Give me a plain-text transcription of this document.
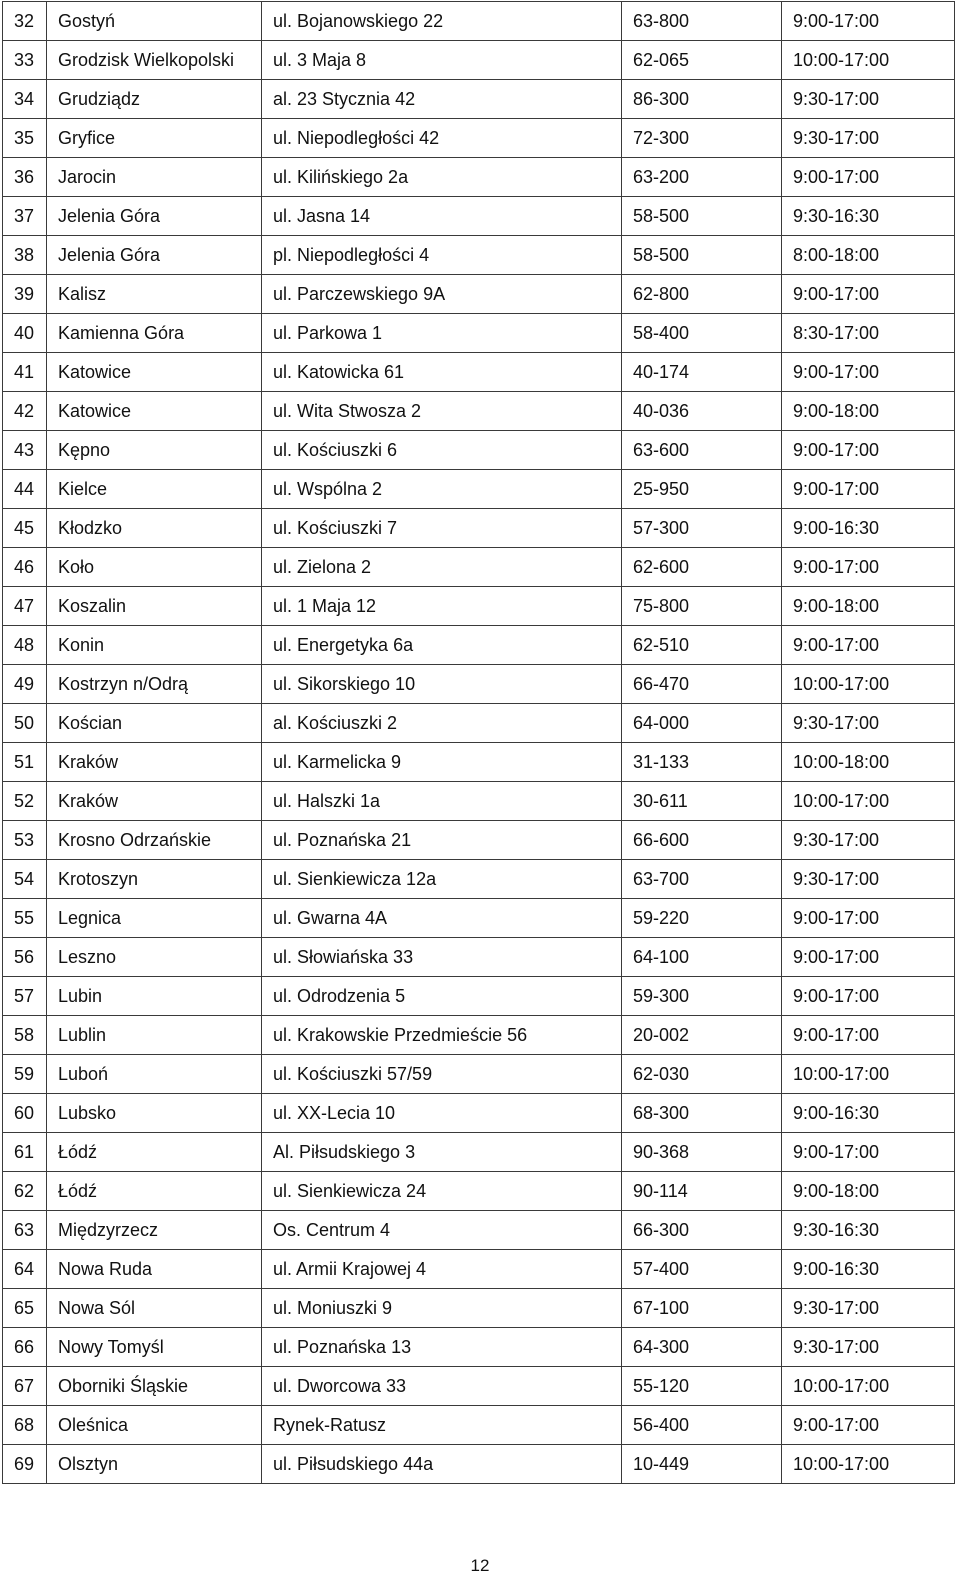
32	Gostyń	ul. Bojanowskiego 22	63-800	9:00-17:00
33	Grodzisk Wielkopolski	ul. 3 Maja 8	62-065	10:00-17:00
34	Grudziądz	al. 23 Stycznia 42	86-300	9:30-17:00
35	Gryfice	ul. Niepodległości 42	72-300	9:30-17:00
36	Jarocin	ul. Kilińskiego 2a	63-200	9:00-17:00
37	Jelenia Góra	ul. Jasna 14	58-500	9:30-16:30
38	Jelenia Góra	pl. Niepodległości 4	58-500	8:00-18:00
39	Kalisz	ul. Parczewskiego 9A	62-800	9:00-17:00
40	Kamienna Góra	ul. Parkowa 1	58-400	8:30-17:00
41	Katowice	ul. Katowicka 61	40-174	9:00-17:00
42	Katowice	ul. Wita Stwosza 2	40-036	9:00-18:00
43	Kępno	ul. Kościuszki 6	63-600	9:00-17:00
44	Kielce	ul. Wspólna 2	25-950	9:00-17:00
45	Kłodzko	ul. Kościuszki 7	57-300	9:00-16:30
46	Koło	ul. Zielona 2	62-600	9:00-17:00
47	Koszalin	ul. 1 Maja 12	75-800	9:00-18:00
48	Konin	ul. Energetyka 6a	62-510	9:00-17:00
49	Kostrzyn n/Odrą	ul. Sikorskiego 10	66-470	10:00-17:00
50	Kościan	al. Kościuszki 2	64-000	9:30-17:00
51	Kraków	ul. Karmelicka 9	31-133	10:00-18:00
52	Kraków	ul. Halszki 1a	30-611	10:00-17:00
53	Krosno Odrzańskie	ul. Poznańska 21	66-600	9:30-17:00
54	Krotoszyn	ul. Sienkiewicza 12a	63-700	9:30-17:00
55	Legnica	ul. Gwarna 4A	59-220	9:00-17:00
56	Leszno	ul. Słowiańska 33	64-100	9:00-17:00
57	Lubin	ul. Odrodzenia 5	59-300	9:00-17:00
58	Lublin	ul. Krakowskie Przedmieście 56	20-002	9:00-17:00
59	Luboń	ul. Kościuszki 57/59	62-030	10:00-17:00
60	Lubsko	ul. XX-Lecia 10	68-300	9:00-16:30
61	Łódź	Al. Piłsudskiego 3	90-368	9:00-17:00
62	Łódź	ul. Sienkiewicza 24	90-114	9:00-18:00
63	Międzyrzecz	Os. Centrum 4	66-300	9:30-16:30
64	Nowa Ruda	ul. Armii Krajowej 4	57-400	9:00-16:30
65	Nowa Sól	ul. Moniuszki 9	67-100	9:30-17:00
66	Nowy Tomyśl	ul. Poznańska 13	64-300	9:30-17:00
67	Oborniki Śląskie	ul. Dworcowa 33	55-120	10:00-17:00
68	Oleśnica	Rynek-Ratusz	56-400	9:00-17:00
69	Olsztyn	ul. Piłsudskiego 44a	10-449	10:00-17:00
12
